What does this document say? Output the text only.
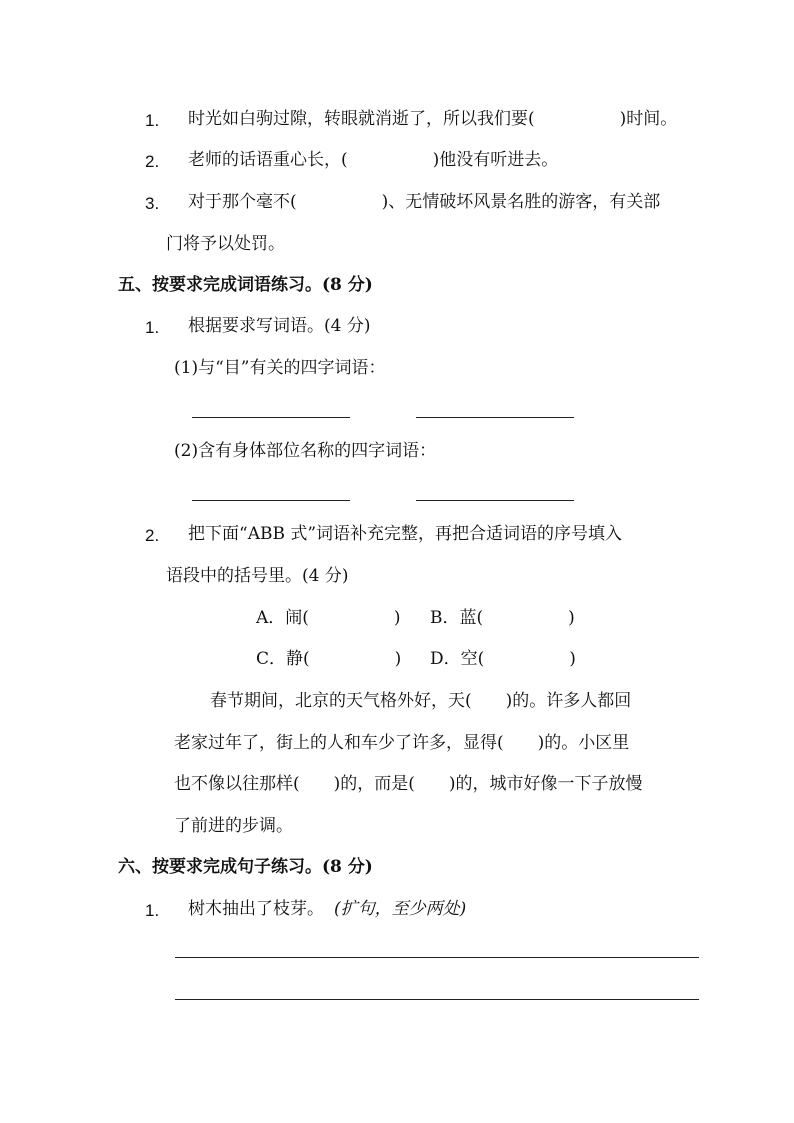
1. 时光如白驹过隙，转眼就消逝了，所以我们要(　　　　　)时间。
2. 老师的话语重心长，(　　　　　)他没有听进去。
3. 对于那个毫不(　　　　　)、无情破坏风景名胜的游客，有关部
门将予以处罚。
五、按要求完成词语练习。(8 分)
1. 根据要求写词语。(4 分)
(1)与“目”有关的四字词语：
(2)含有身体部位名称的四字词语：
2. 把下面“ABB 式”词语补充完整，再把合适词语的序号填入
语段中的括号里。(4 分)
A．闹(　　　　　) B．蓝(　　　　　)
C．静(　　　　　) D．空(　　　　　)
春节期间，北京的天气格外好，天(　　)的。许多人都回
老家过年了，街上的人和车少了许多，显得(　　)的。小区里
也不像以往那样(　　)的，而是(　　)的，城市好像一下子放慢
了前进的步调。
六、按要求完成句子练习。(8 分)
1. 树木抽出了枝芽。 (扩句，至少两处)
